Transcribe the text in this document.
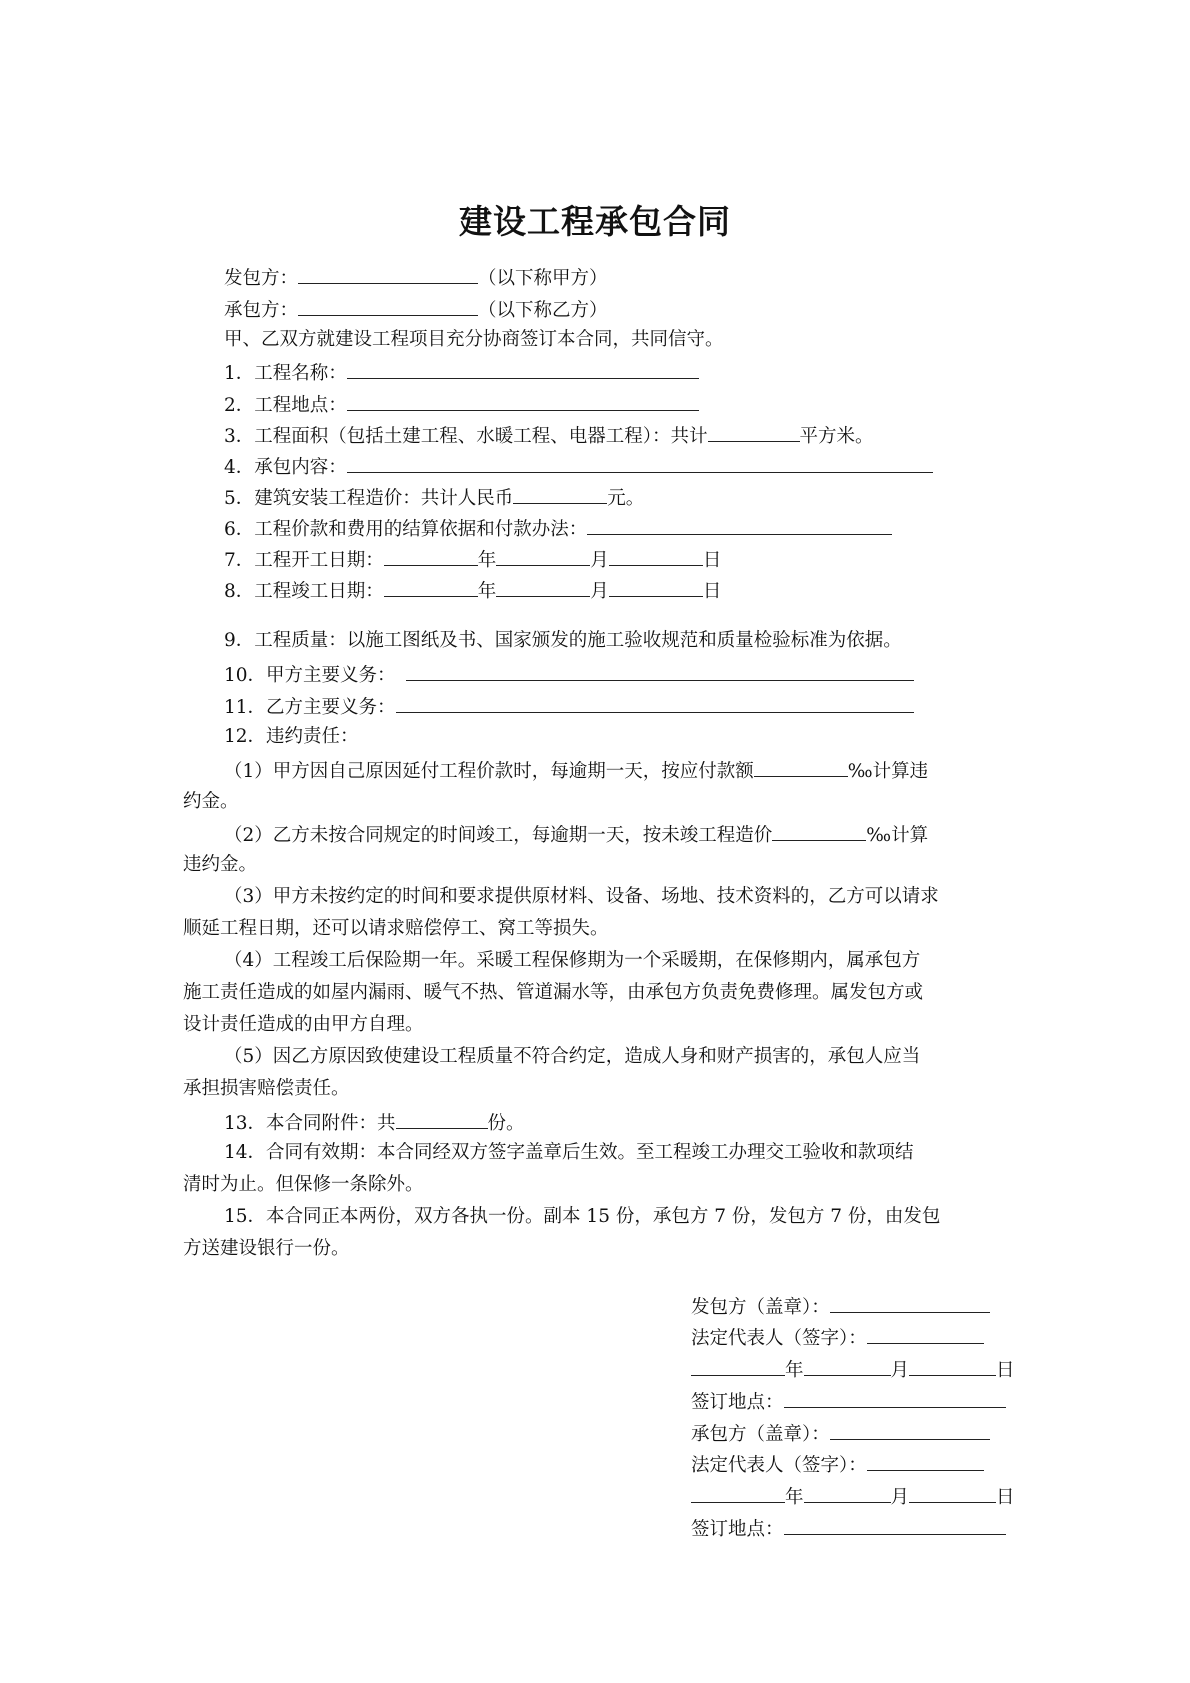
建设工程承包合同
发包方：	（以下称甲方）
承包方：	（以下称乙方）
甲、乙双方就建设工程项目充分协商签订本合同，共同信守。
1．工程名称：
2．工程地点：
3．工程面积（包括土建工程、水暖工程、电器工程）：共计	平方米。
4．承包内容：
5．建筑安装工程造价：共计人民币	元。
6．工程价款和费用的结算依据和付款办法：
7．工程开工日期：	年	月	日
8．工程竣工日期：	年	月	日
9．工程质量：以施工图纸及书、国家颁发的施工验收规范和质量检验标准为依据。
10．甲方主要义务：
11．乙方主要义务：
12．违约责任：
（1）甲方因自己原因延付工程价款时，每逾期一天，按应付款额	‰计算违
约金。
（2）乙方未按合同规定的时间竣工，每逾期一天，按未竣工程造价	‰计算
违约金。
（3）甲方未按约定的时间和要求提供原材料、设备、场地、技术资料的，乙方可以请求
顺延工程日期，还可以请求赔偿停工、窝工等损失。
（4）工程竣工后保险期一年。采暖工程保修期为一个采暖期，在保修期内，属承包方
施工责任造成的如屋内漏雨、暖气不热、管道漏水等，由承包方负责免费修理。属发包方或
设计责任造成的由甲方自理。
（5）因乙方原因致使建设工程质量不符合约定，造成人身和财产损害的，承包人应当
承担损害赔偿责任。
13．本合同附件：共	份。
14．合同有效期：本合同经双方签字盖章后生效。至工程竣工办理交工验收和款项结
清时为止。但保修一条除外。
15．本合同正本两份，双方各执一份。副本 15 份，承包方 7 份，发包方 7 份，由发包
方送建设银行一份。
发包方（盖章）：
法定代表人（签字）：
年	月	日
签订地点：
承包方（盖章）：
法定代表人（签字）：
年	月	日
签订地点：
